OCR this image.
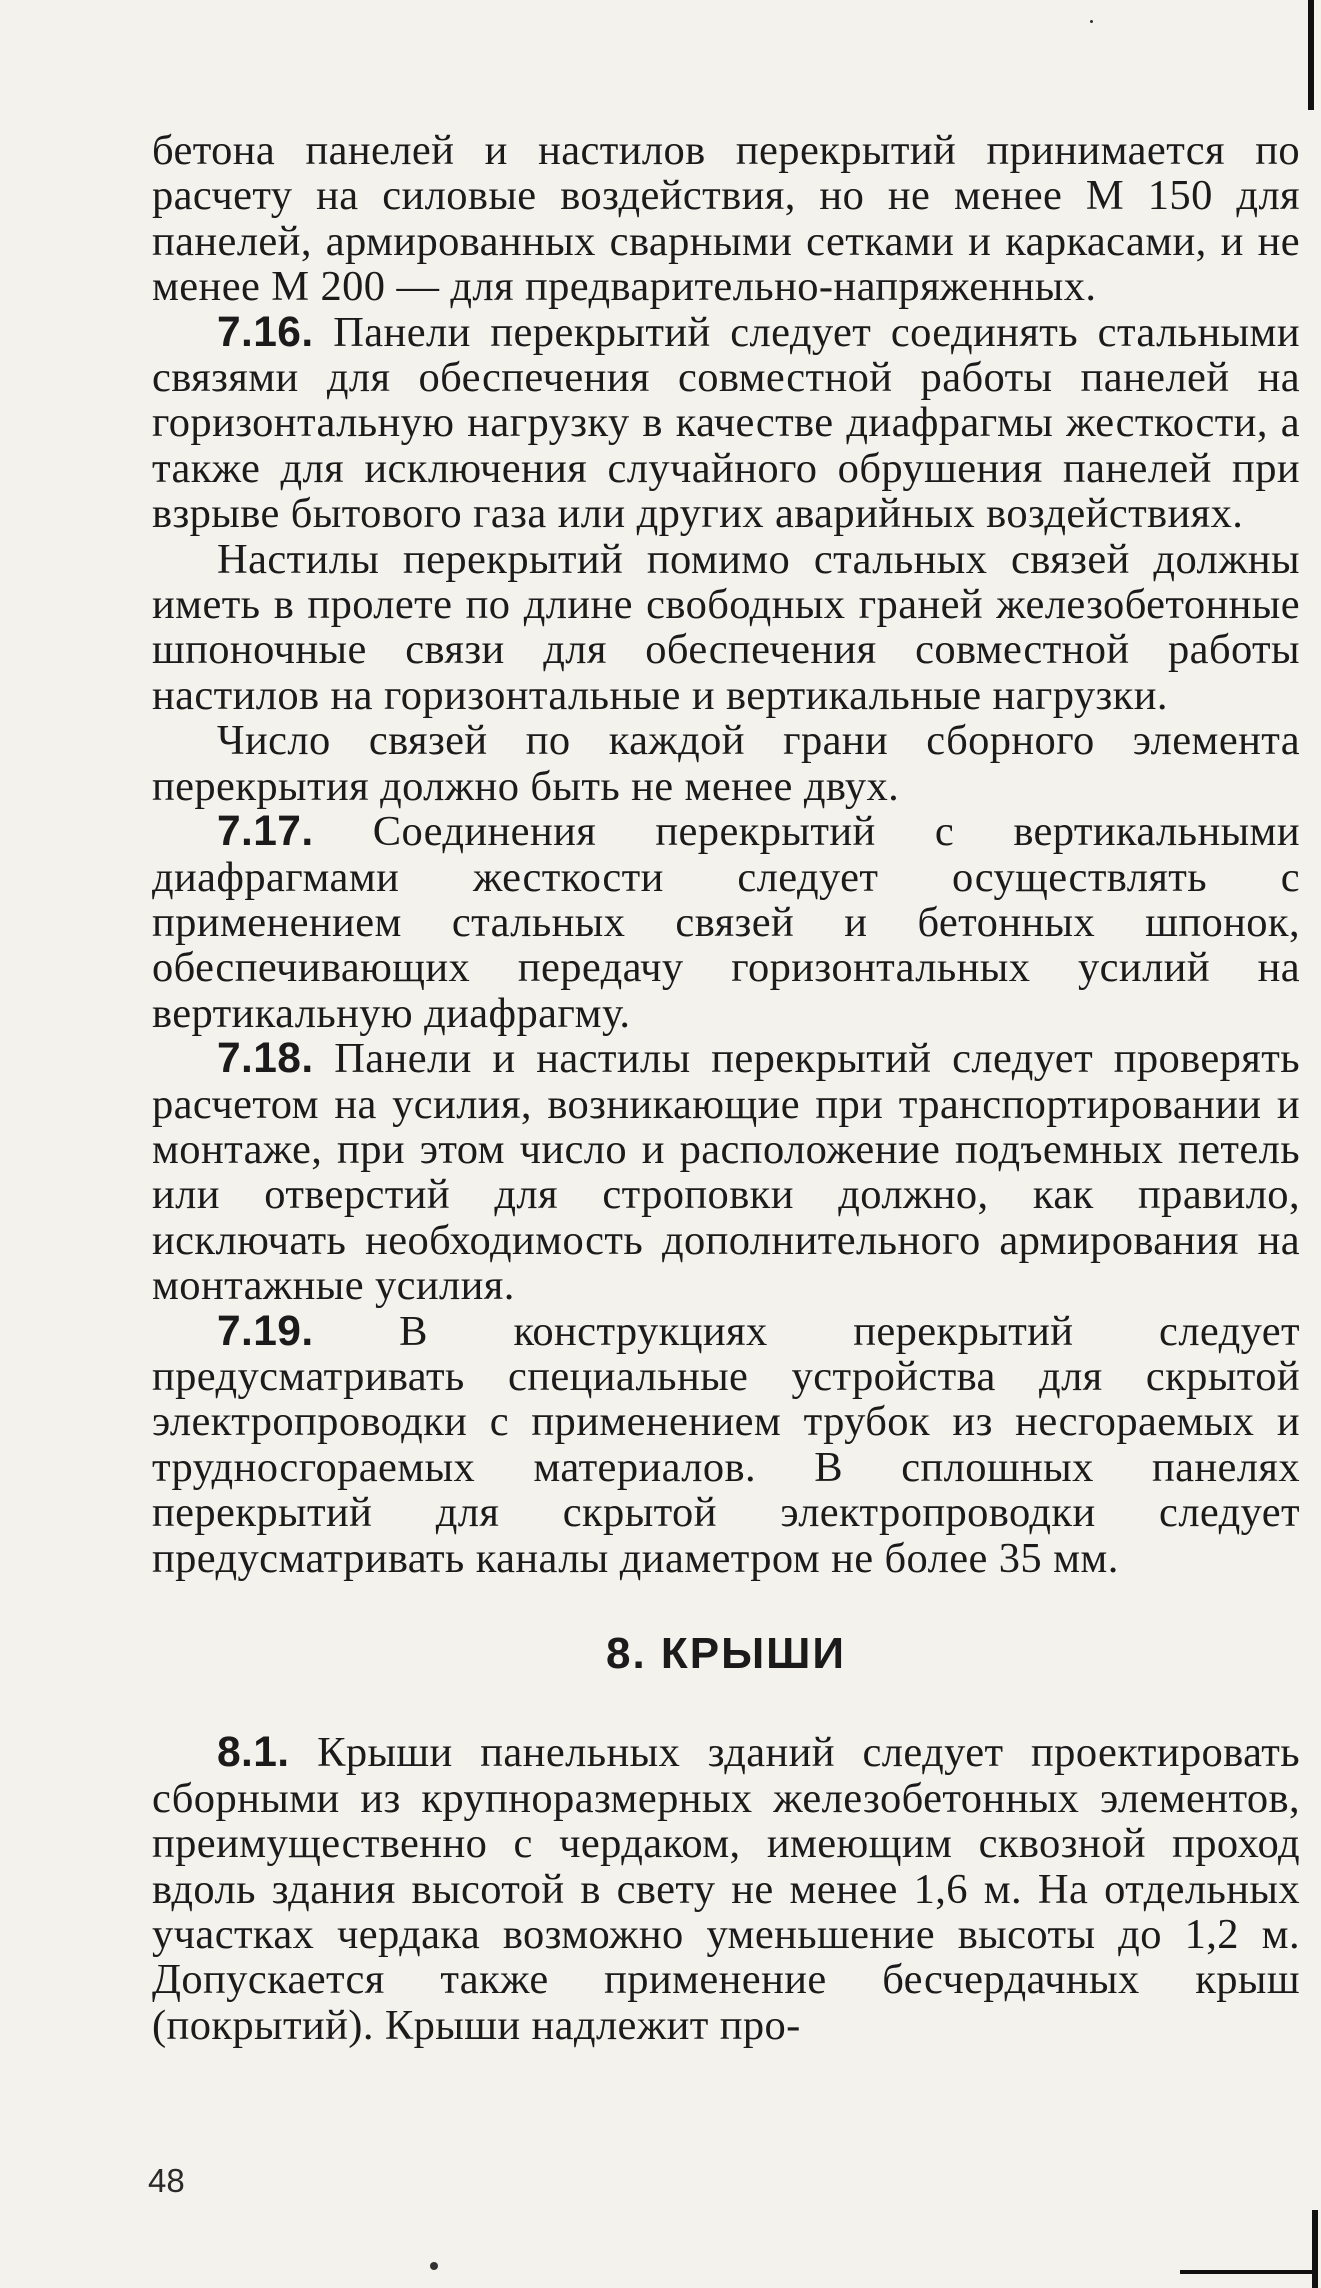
бетона панелей и настилов перекрытий принимается по расчету на силовые воздействия, но не менее М 150 для панелей, армированных сварными сетками и каркасами, и не менее М 200 — для предварительно-напряженных.

7.16. Панели перекрытий следует соединять стальными связями для обеспечения совместной работы панелей на горизонтальную нагрузку в качестве диафрагмы жесткости, а также для исключения случайного обрушения панелей при взрыве бытового газа или других аварийных воздействиях.

Настилы перекрытий помимо стальных связей должны иметь в пролете по длине свободных граней железобетонные шпоночные связи для обеспечения совместной работы настилов на горизонтальные и вертикальные нагрузки.

Число связей по каждой грани сборного элемента перекрытия должно быть не менее двух.

7.17. Соединения перекрытий с вертикальными диафрагмами жесткости следует осуществлять с применением стальных связей и бетонных шпонок, обеспечивающих передачу горизонтальных усилий на вертикальную диафрагму.

7.18. Панели и настилы перекрытий следует проверять расчетом на усилия, возникающие при транспортировании и монтаже, при этом число и расположение подъемных петель или отверстий для строповки должно, как правило, исключать необходимость дополнительного армирования на монтажные усилия.

7.19. В конструкциях перекрытий следует предусматривать специальные устройства для скрытой электропроводки с применением трубок из несгораемых и трудносгораемых материалов. В сплошных панелях перекрытий для скрытой электропроводки следует предусматривать каналы диаметром не более 35 мм.

8. КРЫШИ

8.1. Крыши панельных зданий следует проектировать сборными из крупноразмерных железобетонных элементов, преимущественно с чердаком, имеющим сквозной проход вдоль здания высотой в свету не менее 1,6 м. На отдельных участках чердака возможно уменьшение высоты до 1,2 м. Допускается также применение бесчердачных крыш (покрытий). Крыши надлежит про-

48
